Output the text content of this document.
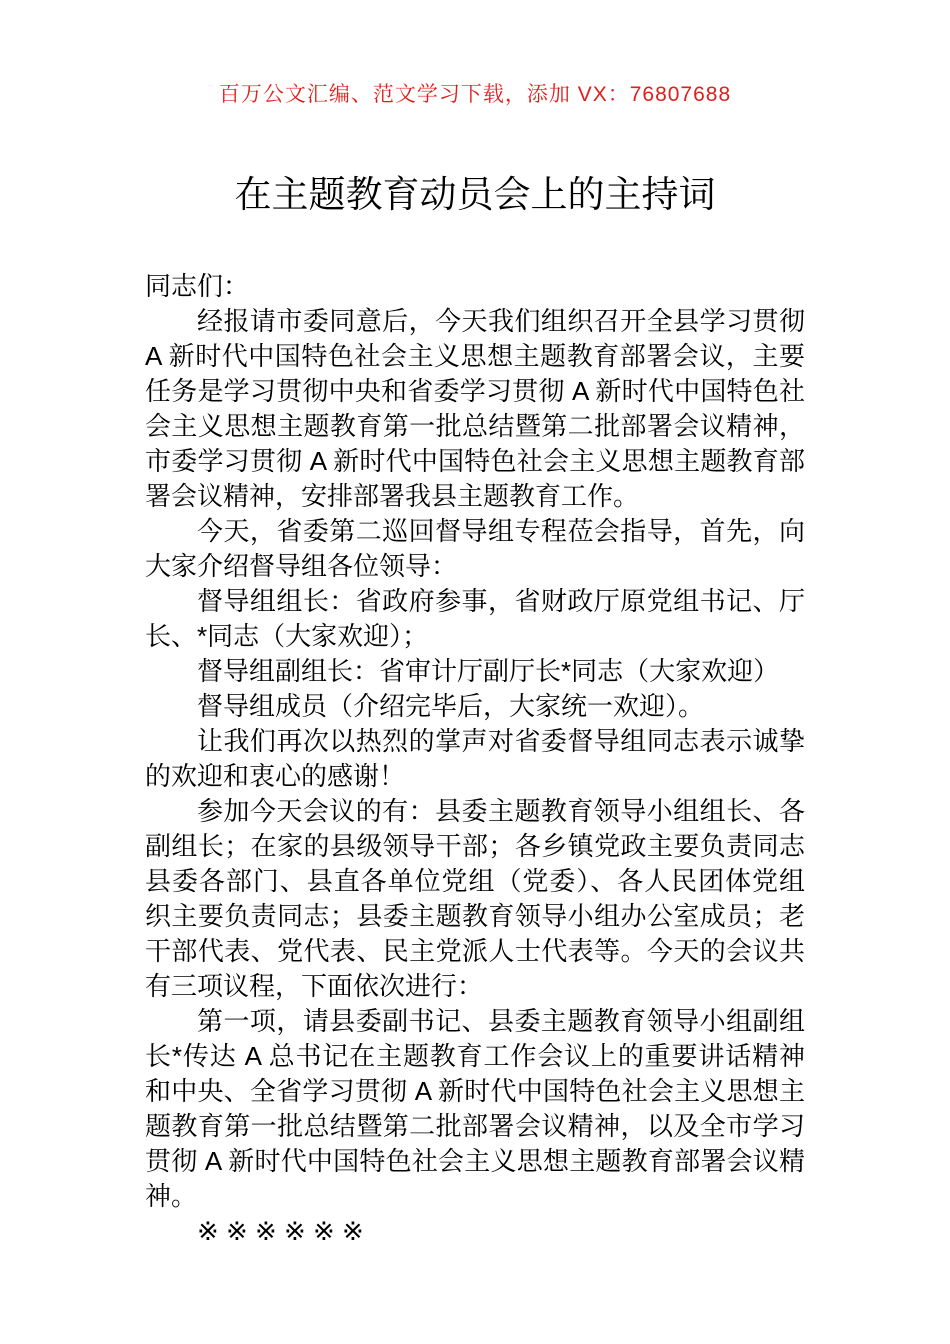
百万公文汇编、范文学习下载，添加 VX：76807688
在主题教育动员会上的主持词

同志们：

经报请市委同意后，今天我们组织召开全县学习贯彻 A 新时代中国特色社会主义思想主题教育部署会议，主要任务是学习贯彻中央和省委学习贯彻 A 新时代中国特色社会主义思想主题教育第一批总结暨第二批部署会议精神，市委学习贯彻 A 新时代中国特色社会主义思想主题教育部署会议精神，安排部署我县主题教育工作。

今天，省委第二巡回督导组专程莅会指导，首先，向大家介绍督导组各位领导：

督导组组长：省政府参事，省财政厅原党组书记、厅长、*同志（大家欢迎）；

督导组副组长：省审计厅副厅长*同志（大家欢迎）

督导组成员（介绍完毕后，大家统一欢迎）。

让我们再次以热烈的掌声对省委督导组同志表示诚挚的欢迎和衷心的感谢！

参加今天会议的有：县委主题教育领导小组组长、各副组长；在家的县级领导干部；各乡镇党政主要负责同志县委各部门、县直各单位党组（党委）、各人民团体党组织主要负责同志；县委主题教育领导小组办公室成员；老干部代表、党代表、民主党派人士代表等。今天的会议共有三项议程，下面依次进行：

第一项，请县委副书记、县委主题教育领导小组副组长*传达 A 总书记在主题教育工作会议上的重要讲话精神和中央、全省学习贯彻 A 新时代中国特色社会主义思想主题教育第一批总结暨第二批部署会议精神，以及全市学习贯彻 A 新时代中国特色社会主义思想主题教育部署会议精神。

※ ※ ※ ※ ※ ※
